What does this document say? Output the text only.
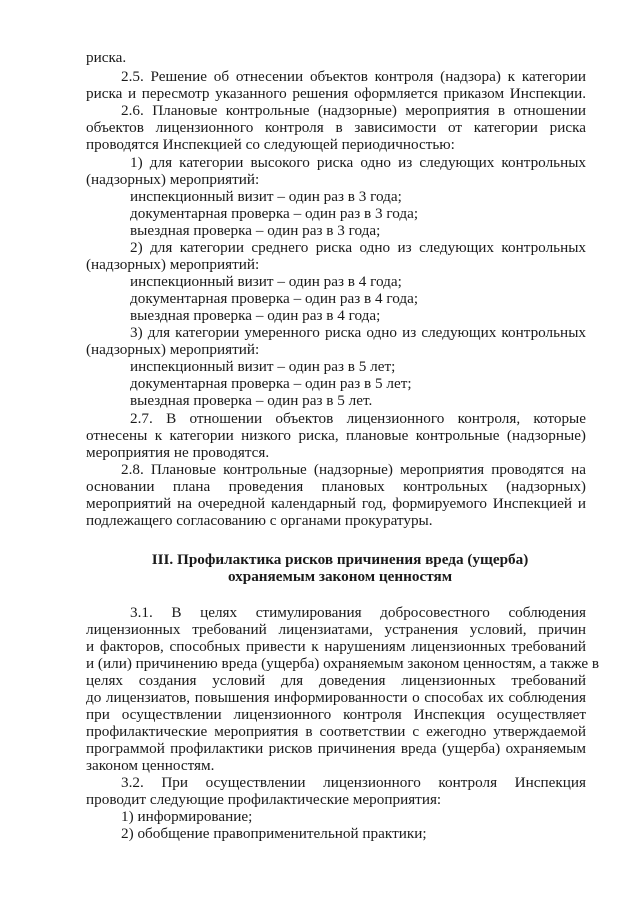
риска.
2.5. Решение об отнесении объектов контроля (надзора) к категории
риска и пересмотр указанного решения оформляется приказом Инспекции.
2.6. Плановые контрольные (надзорные) мероприятия в отношении
объектов лицензионного контроля в зависимости от категории риска
проводятся Инспекцией со следующей периодичностью:
1) для категории высокого риска одно из следующих контрольных
(надзорных) мероприятий:
инспекционный визит – один раз в 3 года;
документарная проверка – один раз в 3 года;
выездная проверка – один раз в 3 года;
2) для категории среднего риска одно из следующих контрольных
(надзорных) мероприятий:
инспекционный визит – один раз в 4 года;
документарная проверка – один раз в 4 года;
выездная проверка – один раз в 4 года;
3) для категории умеренного риска одно из следующих контрольных
(надзорных) мероприятий:
инспекционный визит – один раз в 5 лет;
документарная проверка – один раз в 5 лет;
выездная проверка – один раз в 5 лет.
2.7. В отношении объектов лицензионного контроля, которые
отнесены к категории низкого риска, плановые контрольные (надзорные)
мероприятия не проводятся.
2.8. Плановые контрольные (надзорные) мероприятия проводятся на
основании плана проведения плановых контрольных (надзорных)
мероприятий на очередной календарный год, формируемого Инспекцией и
подлежащего согласованию с органами прокуратуры.
III. Профилактика рисков причинения вреда (ущерба)
охраняемым законом ценностям
3.1. В целях стимулирования добросовестного соблюдения
лицензионных требований лицензиатами, устранения условий, причин
и факторов, способных привести к нарушениям лицензионных требований
и (или) причинению вреда (ущерба) охраняемым законом ценностям, а также в
целях создания условий для доведения лицензионных требований
до лицензиатов, повышения информированности о способах их соблюдения
при осуществлении лицензионного контроля Инспекция осуществляет
профилактические мероприятия в соответствии с ежегодно утверждаемой
программой профилактики рисков причинения вреда (ущерба) охраняемым
законом ценностям.
3.2. При осуществлении лицензионного контроля Инспекция
проводит следующие профилактические мероприятия:
1) информирование;
2) обобщение правоприменительной практики;
